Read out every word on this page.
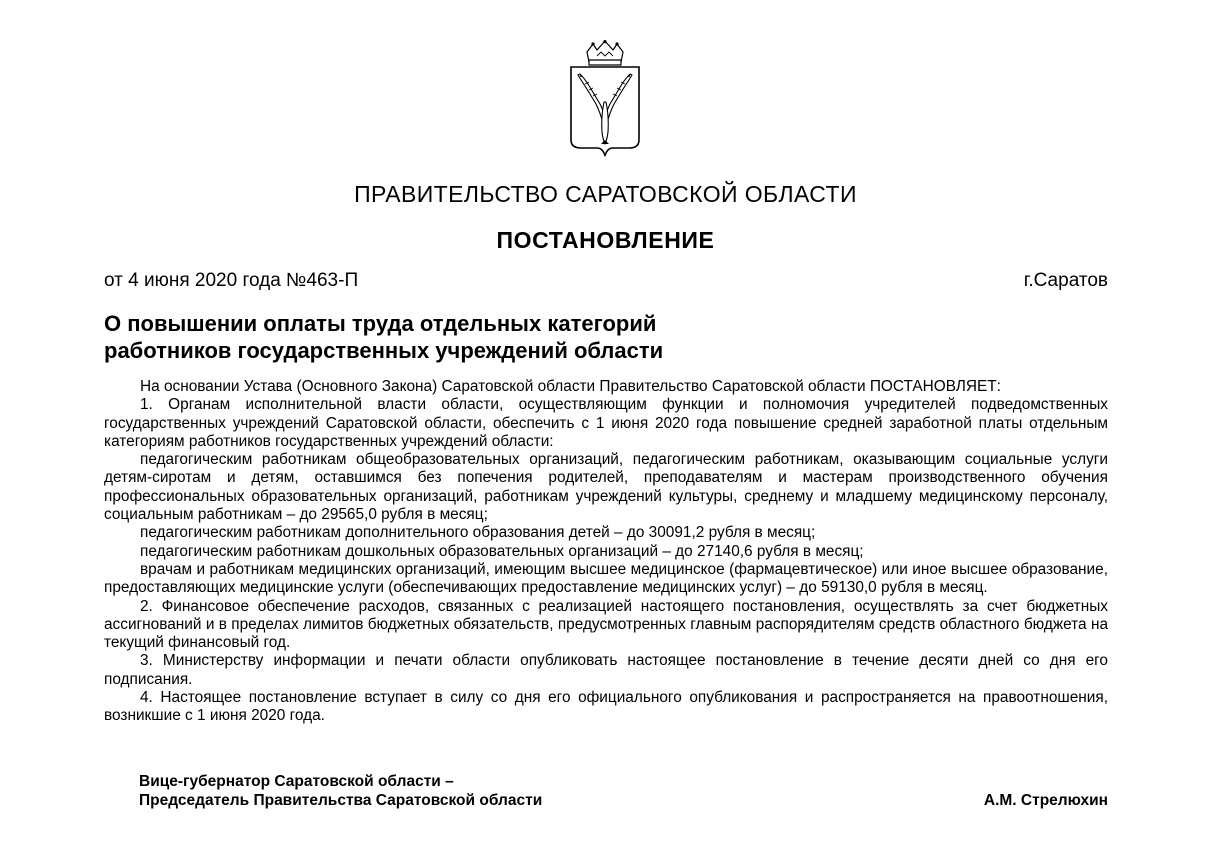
ПРАВИТЕЛЬСТВО САРАТОВСКОЙ ОБЛАСТИ
ПОСТАНОВЛЕНИЕ
от 4 июня 2020 года №463-П	г.Саратов
О повышении оплаты труда отдельных категорий
работников государственных учреждений области

На основании Устава (Основного Закона) Саратовской области Правительство Саратовской области ПОСТАНОВЛЯЕТ:

1. Органам исполнительной власти области, осуществляющим функции и полномочия учредителей подведомственных государственных учреждений Саратовской области, обеспечить с 1 июня 2020 года повышение средней заработной платы отдельным категориям работников государственных учреждений области:

педагогическим работникам общеобразовательных организаций, педагогическим работникам, оказывающим социальные услуги детям-сиротам и детям, оставшимся без попечения родителей, преподавателям и мастерам производственного обучения профессиональных образовательных организаций, работникам учреждений культуры, среднему и младшему медицинскому персоналу, социальным работникам – до 29565,0 рубля в месяц;

педагогическим работникам дополнительного образования детей – до 30091,2 рубля в месяц;

педагогическим работникам дошкольных образовательных организаций – до 27140,6 рубля в месяц;

врачам и работникам медицинских организаций, имеющим высшее медицинское (фармацевтическое) или иное высшее образование, предоставляющих медицинские услуги (обеспечивающих предоставление медицинских услуг) – до 59130,0 рубля в месяц.

2. Финансовое обеспечение расходов, связанных с реализацией настоящего постановления, осуществлять за счет бюджетных ассигнований и в пределах лимитов бюджетных обязательств, предусмотренных главным распорядителям средств областного бюджета на текущий финансовый год.

3. Министерству информации и печати области опубликовать настоящее постановление в течение десяти дней со дня его подписания.

4. Настоящее постановление вступает в силу со дня его официального опубликования и распространяется на правоотношения, возникшие с 1 июня 2020 года.

Вице-губернатор Саратовской области –
Председатель Правительства Саратовской области	А.М. Стрелюхин
